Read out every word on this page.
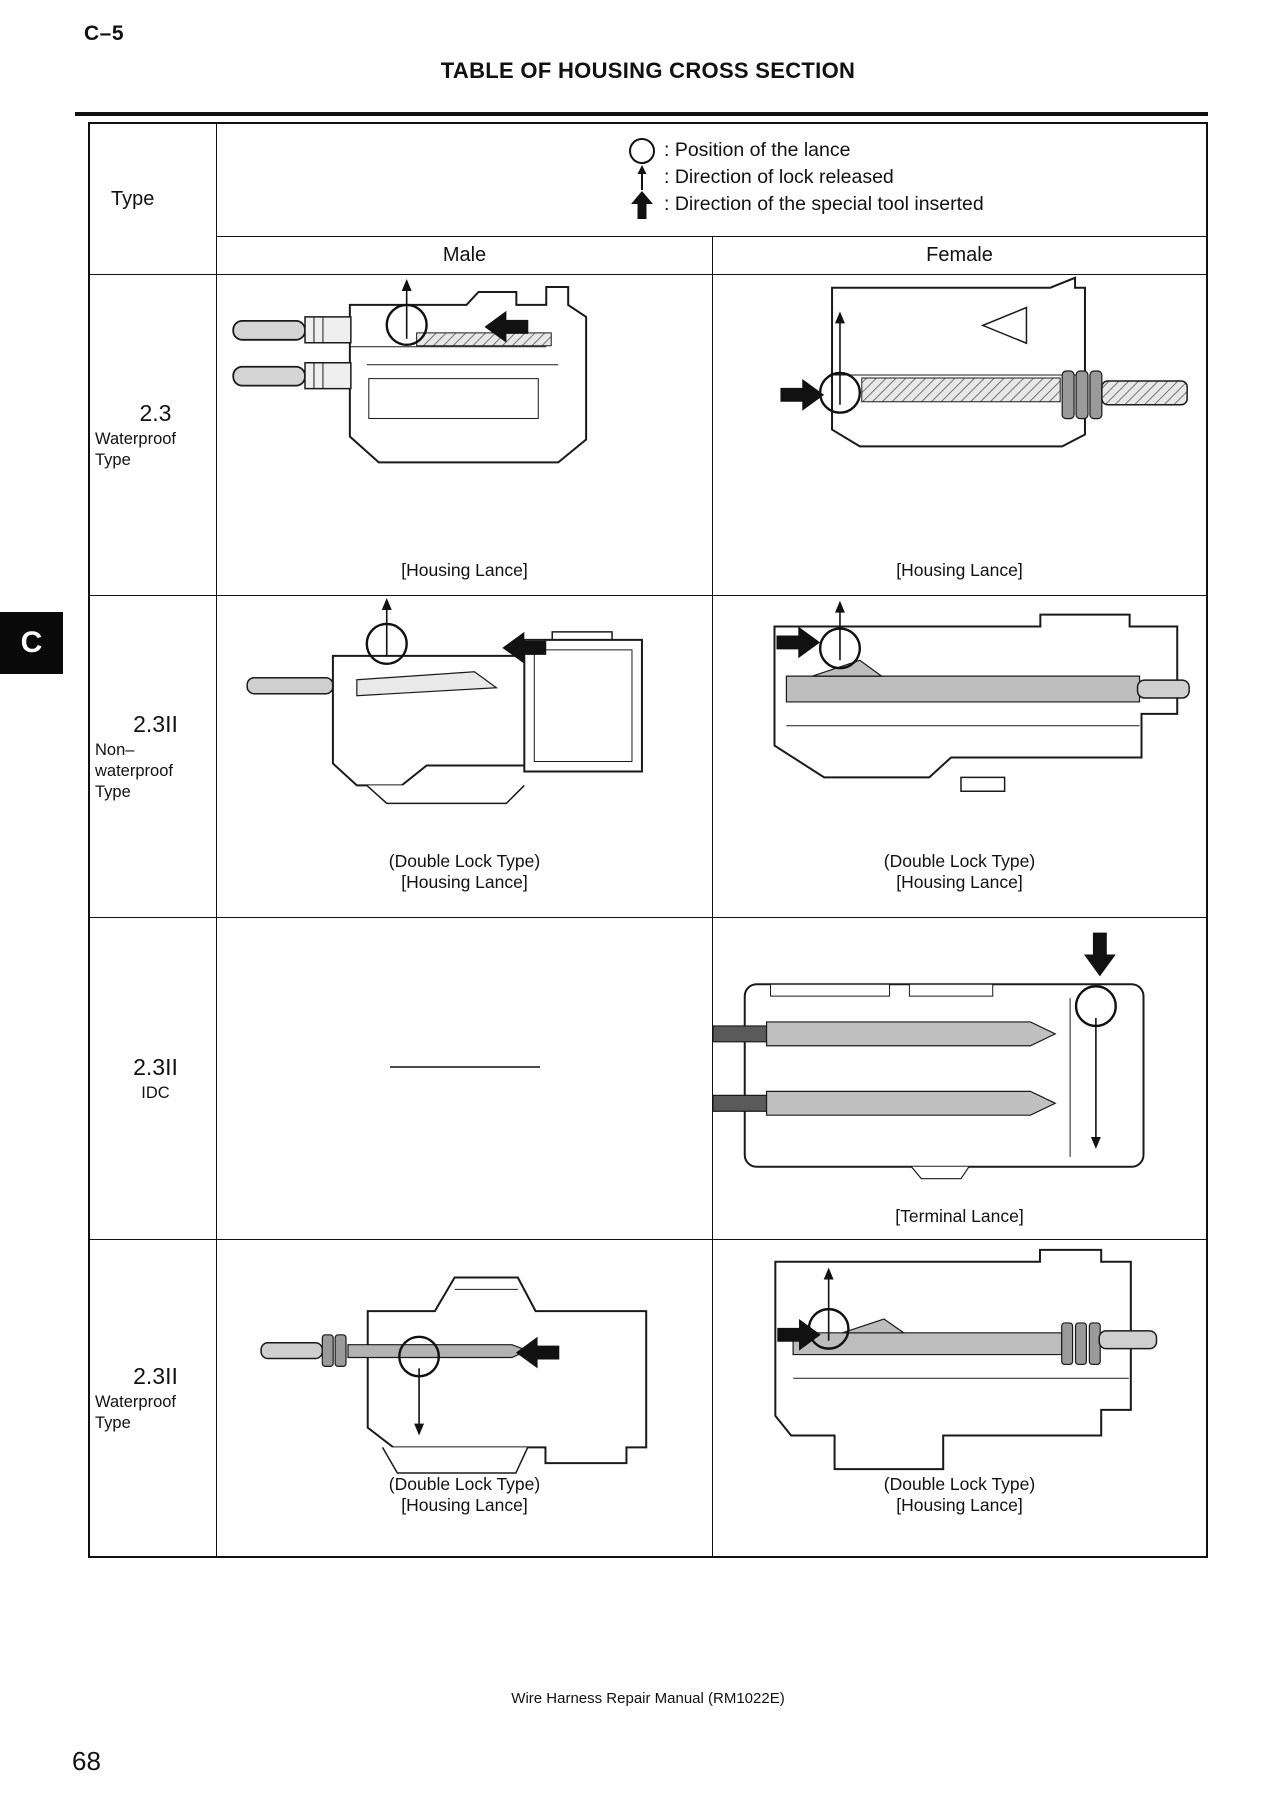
C–5
TABLE OF HOUSING CROSS SECTION
Type
: Position of the lance
: Direction of lock released
: Direction of the special tool inserted
Male	Female
2.3
Waterproof
Type
[Housing Lance]	[Housing Lance]
2.3II
Non–
waterproof
Type
(Double Lock Type)
[Housing Lance]
(Double Lock Type)
[Housing Lance]
2.3II
IDC
[Terminal Lance]
2.3II
Waterproof
Type
(Double Lock Type)
[Housing Lance]
(Double Lock Type)
[Housing Lance]
C
Wire Harness Repair Manual (RM1022E)
68
